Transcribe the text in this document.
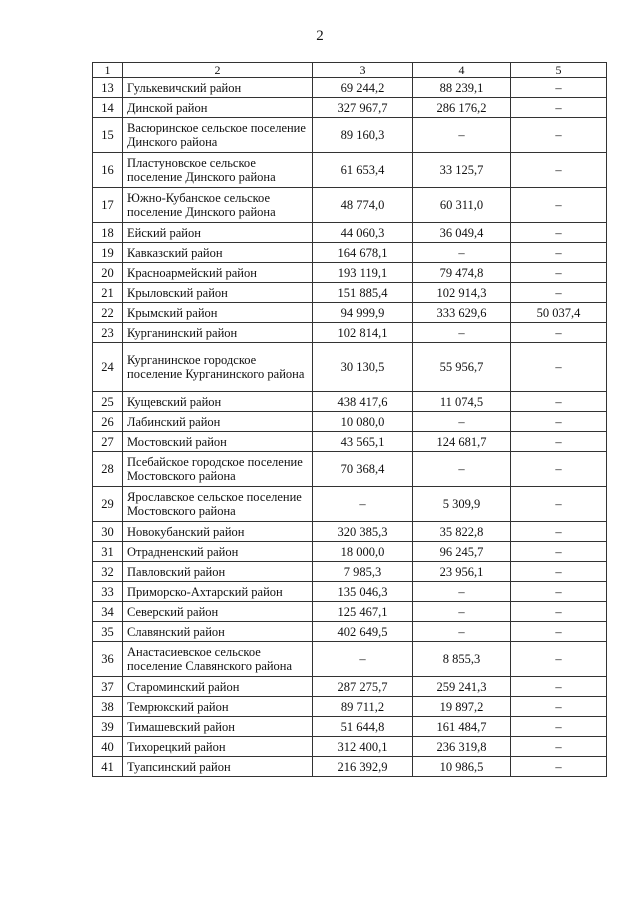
2
1	2	3	4	5
13	Гулькевичский район	69 244,2	88 239,1	–
14	Динской район	327 967,7	286 176,2	–
15	Васюринское сельское поселение Динского района	89 160,3	–	–
16	Пластуновское сельское поселение Динского района	61 653,4	33 125,7	–
17	Южно-Кубанское сельское поселение Динского района	48 774,0	60 311,0	–
18	Ейский район	44 060,3	36 049,4	–
19	Кавказский район	164 678,1	–	–
20	Красноармейский район	193 119,1	79 474,8	–
21	Крыловский район	151 885,4	102 914,3	–
22	Крымский район	94 999,9	333 629,6	50 037,4
23	Курганинский район	102 814,1	–	–
24	Курганинское городское поселение Курганинского района	30 130,5	55 956,7	–
25	Кущевский район	438 417,6	11 074,5	–
26	Лабинский район	10 080,0	–	–
27	Мостовский район	43 565,1	124 681,7	–
28	Псебайское городское поселение Мостовского района	70 368,4	–	–
29	Ярославское сельское поселение Мостовского района	–	5 309,9	–
30	Новокубанский район	320 385,3	35 822,8	–
31	Отрадненский район	18 000,0	96 245,7	–
32	Павловский район	7 985,3	23 956,1	–
33	Приморско-Ахтарский район	135 046,3	–	–
34	Северский район	125 467,1	–	–
35	Славянский район	402 649,5	–	–
36	Анастасиевское сельское поселение Славянского района	–	8 855,3	–
37	Староминский район	287 275,7	259 241,3	–
38	Темрюкский район	89 711,2	19 897,2	–
39	Тимашевский район	51 644,8	161 484,7	–
40	Тихорецкий район	312 400,1	236 319,8	–
41	Туапсинский район	216 392,9	10 986,5	–
